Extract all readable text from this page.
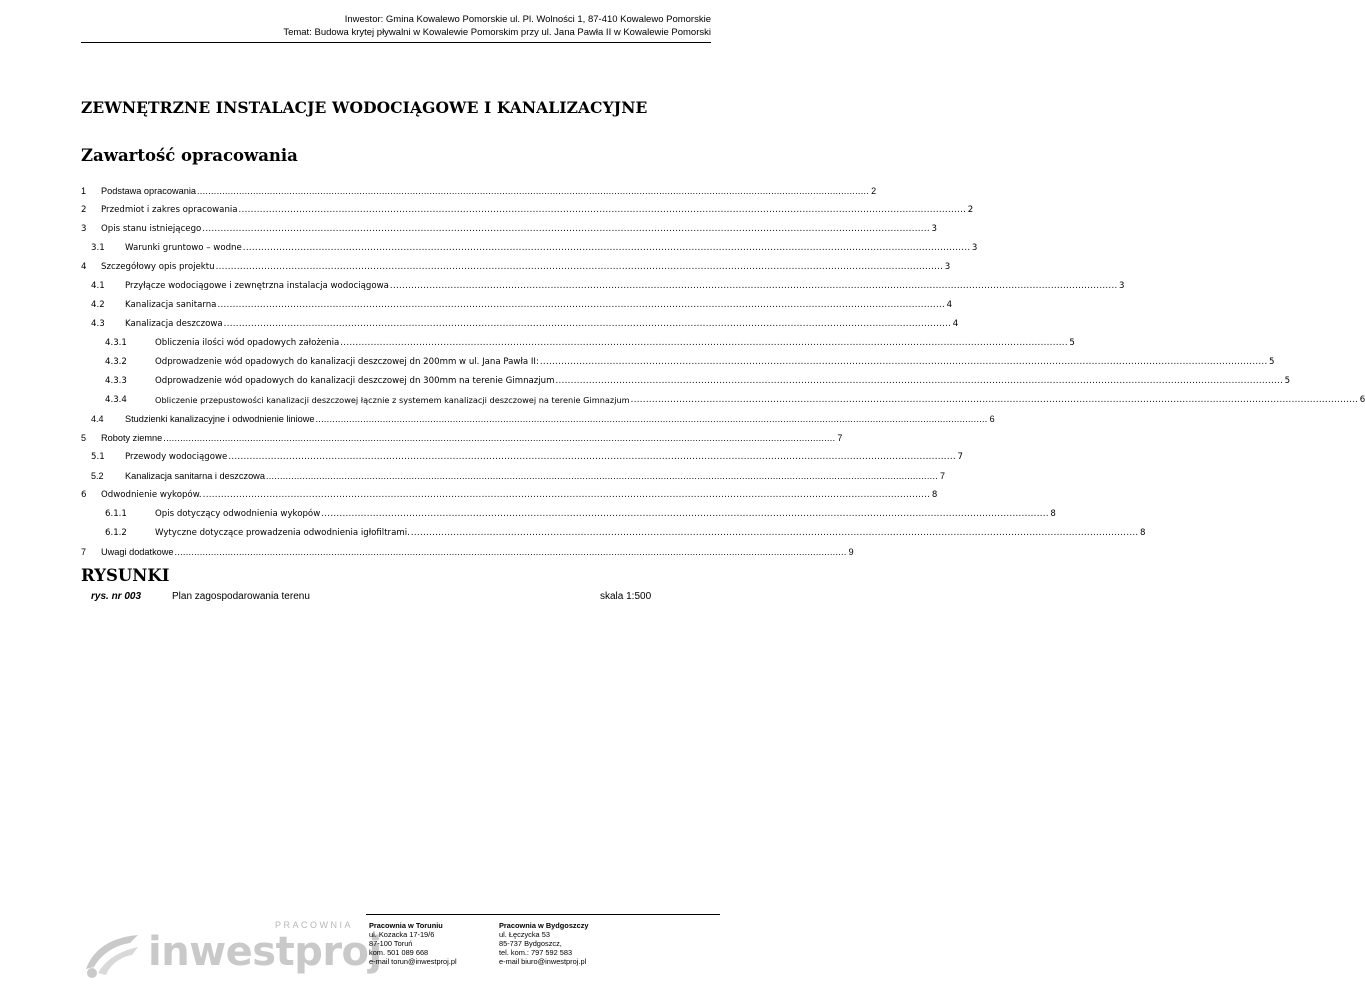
Inwestor: Gmina Kowalewo Pomorskie ul. Pl. Wolności 1, 87-410 Kowalewo Pomorskie
Temat: Budowa krytej pływalni w Kowalewie Pomorskim przy ul. Jana Pawła II w Kowalewie Pomorski
ZEWNĘTRZNE INSTALACJE WODOCIĄGOWE I KANALIZACYJNE
Zawartość opracowania
1	Podstawa opracowania ................................................................................................................................................................................................................................................ 2
2	Przedmiot i zakres opracowania ................................................................................................................................................................................................................................................ 2
3	Opis stanu istniejącego ................................................................................................................................................................................................................................................ 3
3.1	Warunki gruntowo – wodne ................................................................................................................................................................................................................................................ 3
4	Szczegółowy opis projektu ................................................................................................................................................................................................................................................ 3
4.1	Przyłącze wodociągowe i zewnętrzna instalacja wodociągowa ................................................................................................................................................................................................................................................ 3
4.2	Kanalizacja sanitarna ................................................................................................................................................................................................................................................ 4
4.3	Kanalizacja deszczowa ................................................................................................................................................................................................................................................ 4
4.3.1	Obliczenia ilości wód opadowych założenia ................................................................................................................................................................................................................................................ 5
4.3.2	Odprowadzenie wód opadowych do kanalizacji deszczowej dn 200mm w ul. Jana Pawła II: ................................................................................................................................................................................................................................................ 5
4.3.3	Odprowadzenie wód opadowych do kanalizacji deszczowej dn 300mm na terenie Gimnazjum ................................................................................................................................................................................................................................................ 5
4.3.4	Obliczenie przepustowości kanalizacji deszczowej łącznie z systemem kanalizacji deszczowej na terenie Gimnazjum ................................................................................................................................................................................................................................................ 6
4.4	Studzienki kanalizacyjne i odwodnienie liniowe ................................................................................................................................................................................................................................................ 6
5	Roboty ziemne ................................................................................................................................................................................................................................................ 7
5.1	Przewody wodociągowe ................................................................................................................................................................................................................................................ 7
5.2	Kanalizacja sanitarna i deszczowa ................................................................................................................................................................................................................................................ 7
6	Odwodnienie wykopów. ................................................................................................................................................................................................................................................ 8
6.1.1	Opis dotyczący odwodnienia wykopów ................................................................................................................................................................................................................................................ 8
6.1.2	Wytyczne dotyczące prowadzenia odwodnienia igłofiltrami. ................................................................................................................................................................................................................................................ 8
7	Uwagi dodatkowe ................................................................................................................................................................................................................................................ 9
RYSUNKI
rys. nr 003	Plan zagospodarowania terenu	skala 1:500
PRACOWNIA
inwestproj
Pracownia w Toruniu
ul. Kozacka 17-19/6
87-100 Toruń
kom. 501 089 668
e-mail torun@inwestproj.pl
Pracownia w Bydgoszczy
ul. Łęczycka 53
85-737 Bydgoszcz,
tel. kom.: 797 592 583
e-mail biuro@inwestproj.pl
